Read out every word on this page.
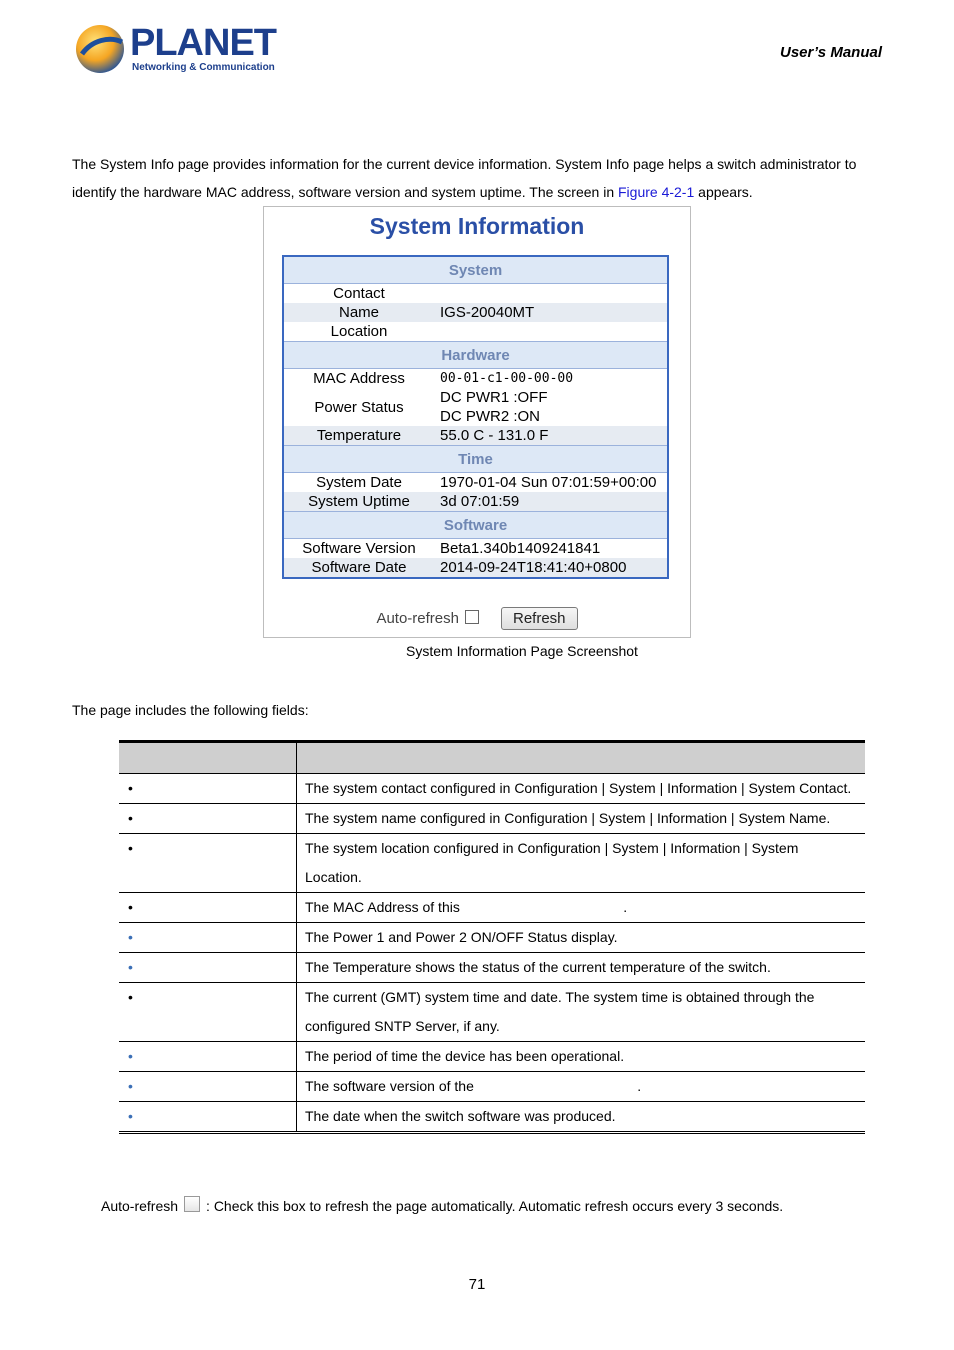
PLANET
Networking & Communication
User’s Manual
The System Info page provides information for the current device information. System Info page helps a switch administrator to identify the hardware MAC address, software version and system uptime. The screen in Figure 4-2-1 appears.
System Information
System	
Contact	

Name	IGS-20040MT

Location	

Hardware	
MAC Address	00-01-c1-00-00-00

Power Status	DC PWR1 :OFF
DC PWR2 :ON

Temperature	55.0 C - 131.0 F

Time	
System Date	1970-01-04 Sun 07:01:59+00:00

System Uptime	3d 07:01:59

Software	
Software Version	Beta1.340b1409241841

Software Date	2014-09-24T18:41:40+0800
Auto-refresh	Refresh
System Information Page Screenshot
The page includes the following fields:

•	The system contact configured in Configuration | System | Information | System Contact.

•	The system name configured in Configuration | System | Information | System Name.

•	The system location configured in Configuration | System | Information | System
Location.

•	The MAC Address of this                                          .

•	The Power 1 and Power 2 ON/OFF Status display.

•	The Temperature shows the status of the current temperature of the switch.

•	The current (GMT) system time and date. The system time is obtained through the
configured SNTP Server, if any.

•	The period of time the device has been operational.

•	The software version of the                                          .

•	The date when the switch software was produced.
Auto-refresh : Check this box to refresh the page automatically. Automatic refresh occurs every 3 seconds.
71
